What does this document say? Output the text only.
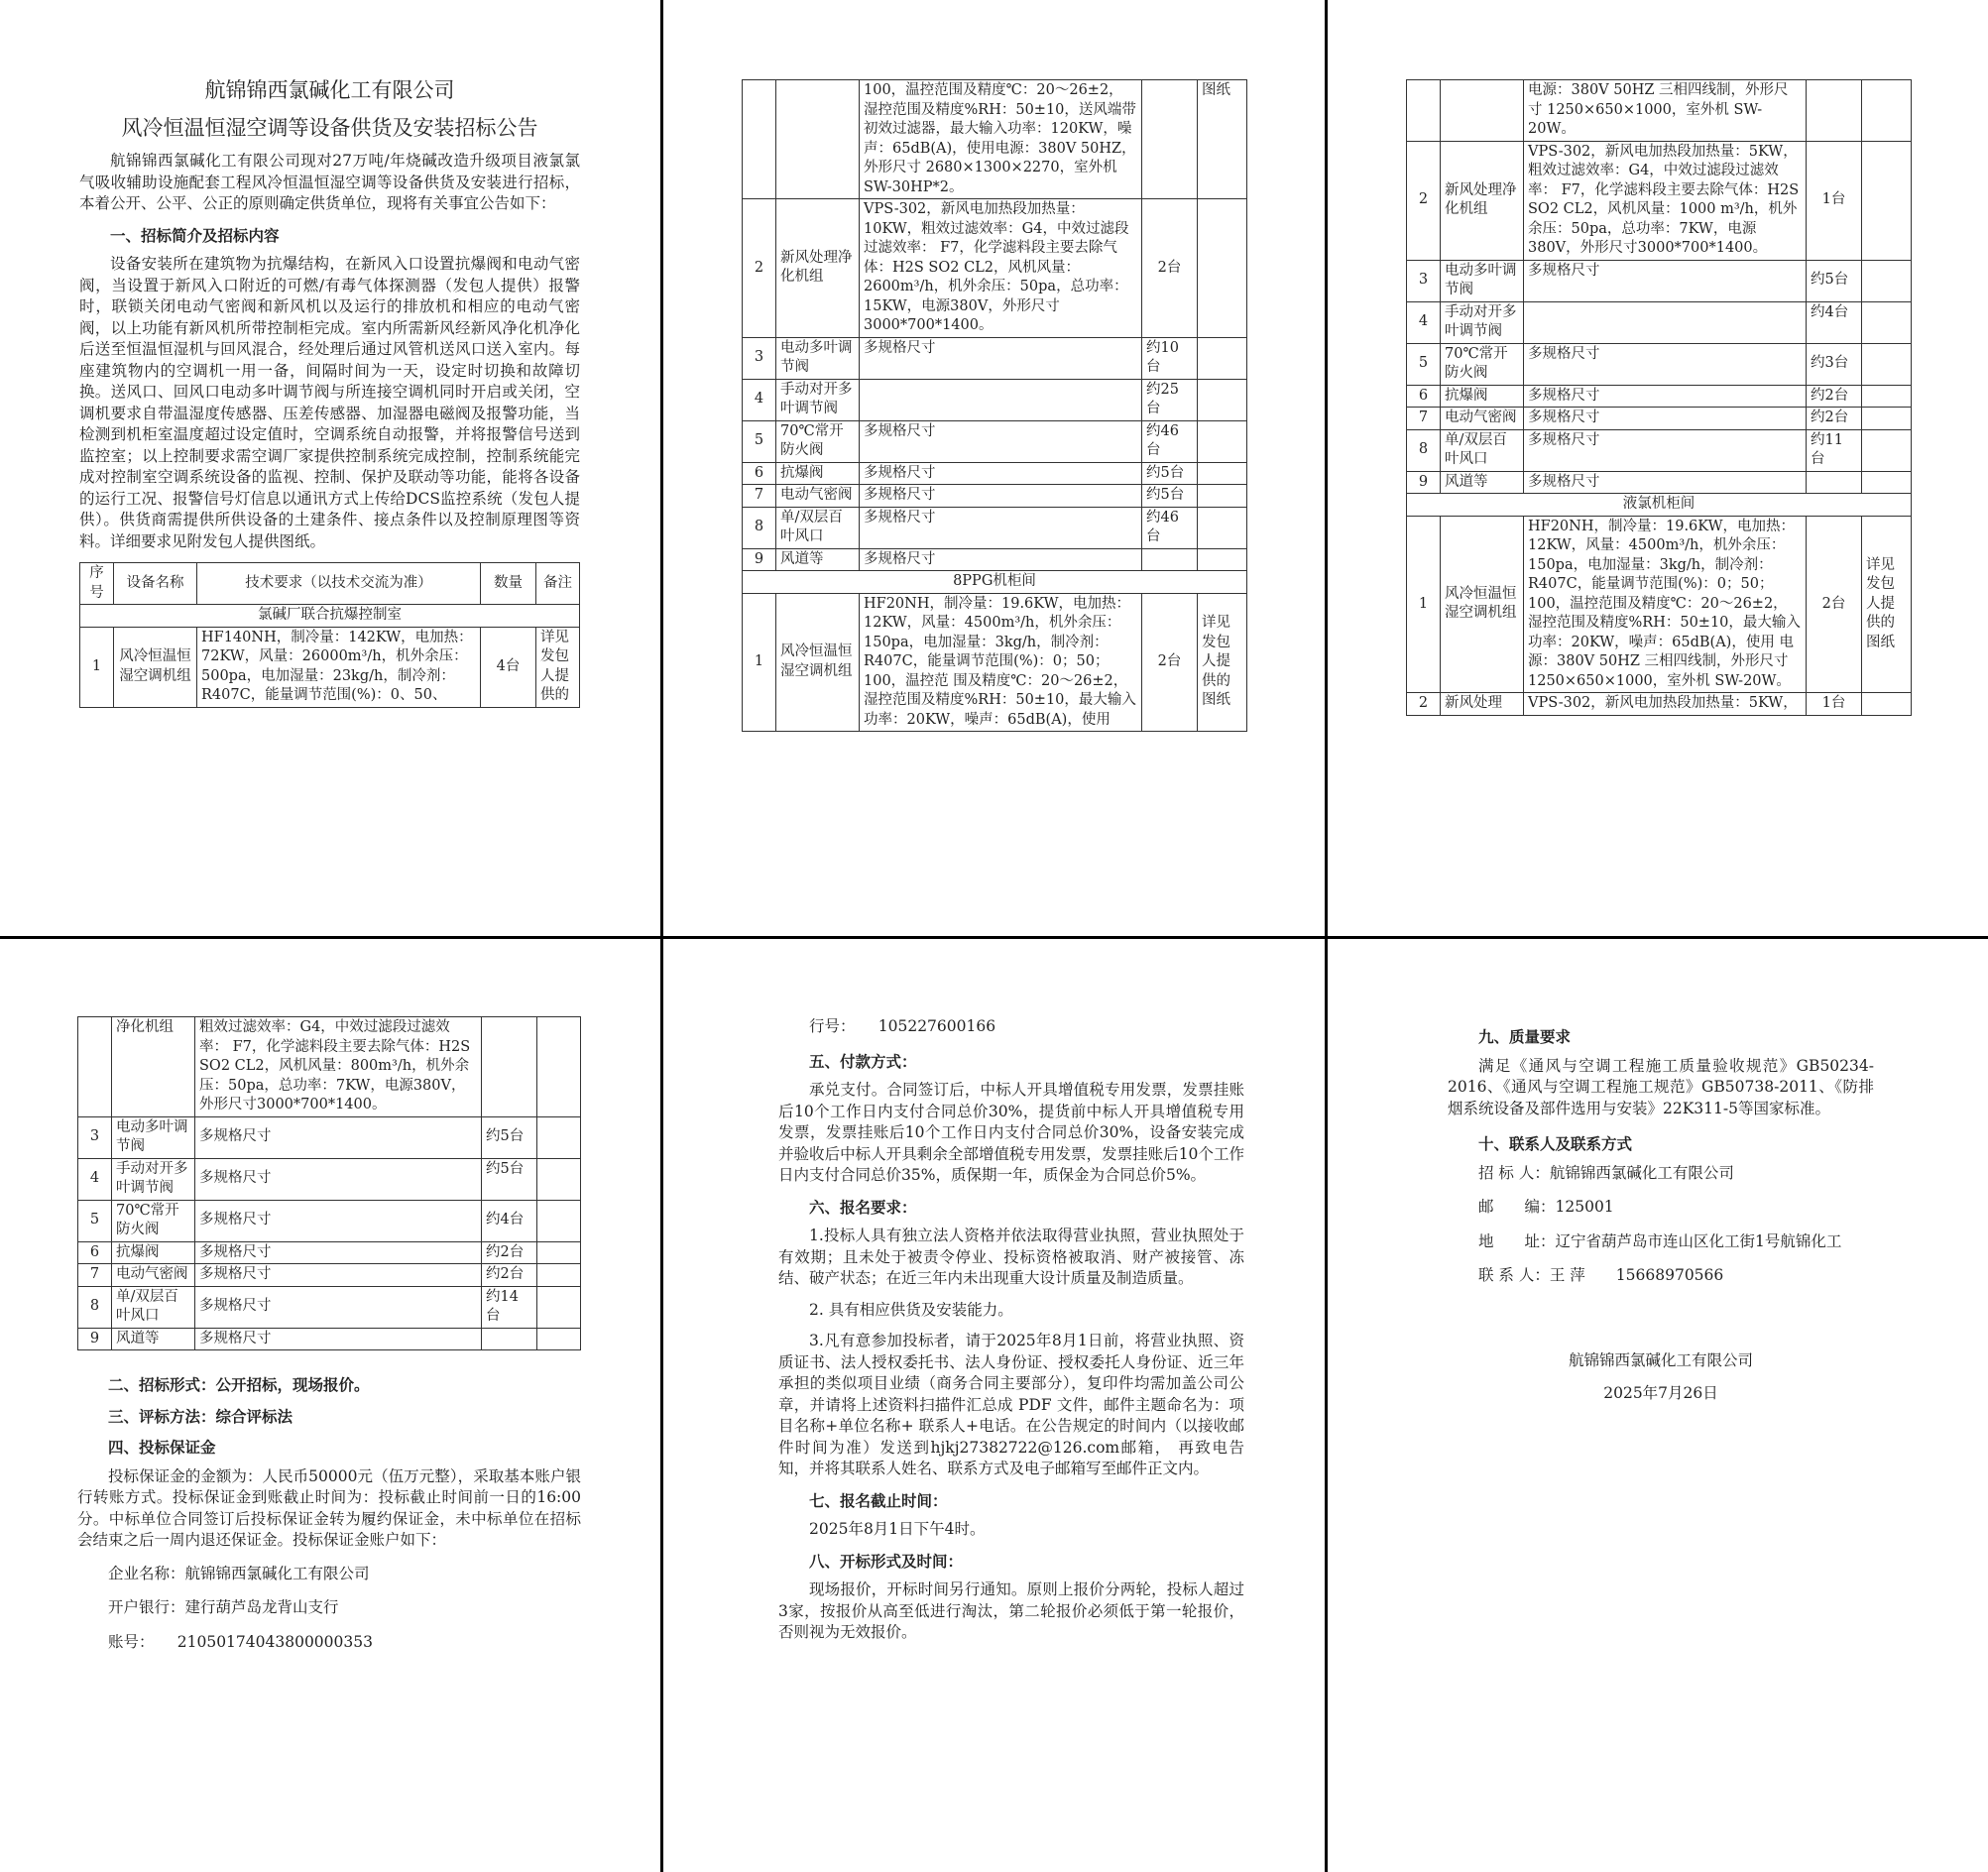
航锦锦西氯碱化工有限公司
风冷恒温恒湿空调等设备供货及安装招标公告

航锦锦西氯碱化工有限公司现对27万吨/年烧碱改造升级项目液氯氯气吸收辅助设施配套工程风冷恒温恒湿空调等设备供货及安装进行招标，本着公开、公平、公正的原则确定供货单位，现将有关事宜公告如下：

一、招标简介及招标内容

设备安装所在建筑物为抗爆结构，在新风入口设置抗爆阀和电动气密阀，当设置于新风入口附近的可燃/有毒气体探测器（发包人提供）报警时，联锁关闭电动气密阀和新风机以及运行的排放机和相应的电动气密阀，以上功能有新风机所带控制柜完成。室内所需新风经新风净化机净化后送至恒温恒湿机与回风混合，经处理后通过风管机送风口送入室内。每座建筑物内的空调机一用一备，间隔时间为一天，设定时切换和故障切换。送风口、回风口电动多叶调节阀与所连接空调机同时开启或关闭，空调机要求自带温湿度传感器、压差传感器、加湿器电磁阀及报警功能，当检测到机柜室温度超过设定值时，空调系统自动报警，并将报警信号送到监控室；以上控制要求需空调厂家提供控制系统完成控制，控制系统能完成对控制室空调系统设备的监视、控制、保护及联动等功能，能将各设备的运行工况、报警信号灯信息以通讯方式上传给DCS监控系统（发包人提供）。供货商需提供所供设备的土建条件、接点条件以及控制原理图等资料。详细要求见附发包人提供图纸。

序号	设备名称	技术要求（以技术交流为准）	数量	备注
氯碱厂联合抗爆控制室				
1	风冷恒温恒湿空调机组	HF140NH，制冷量：142KW，电加热：72KW，风量：26000m³/h，机外余压：500pa，电加湿量：23kg/h，制冷剂：R407C，能量调节范围(%)：0、50、	4台	详见发包人提供的
		100，温控范围及精度℃：20～26±2，湿控范围及精度%RH：50±10，送风端带初效过滤器，最大输入功率：120KW，噪声：65dB(A)，使用电源：380V 50HZ，外形尺寸 2680×1300×2270，室外机 SW-30HP*2。		图纸
2	新风处理净化机组	VPS-302，新风电加热段加热量：10KW，粗效过滤效率：G4，中效过滤段过滤效率： F7，化学滤料段主要去除气体：H2S SO2 CL2，风机风量：2600m³/h，机外余压：50pa，总功率：15KW，电源380V，外形尺寸3000*700*1400。	2台	
3	电动多叶调节阀	多规格尺寸	约10台	
4	手动对开多叶调节阀		约25台	
5	70℃常开防火阀	多规格尺寸	约46台	
6	抗爆阀	多规格尺寸	约5台	
7	电动气密阀	多规格尺寸	约5台	
8	单/双层百叶风口	多规格尺寸	约46台	
9	风道等	多规格尺寸		
8PPG机柜间				
1	风冷恒温恒湿空调机组	HF20NH，制冷量：19.6KW，电加热：12KW，风量：4500m³/h，机外余压：150pa，电加湿量：3kg/h，制冷剂：R407C，能量调节范围(%)：0；50；100，温控范 围及精度℃：20～26±2，湿控范围及精度%RH：50±10，最大输入功率：20KW，噪声：65dB(A)，使用	2台	详见发包人提供的图纸
		电源：380V 50HZ 三相四线制，外形尺寸 1250×650×1000，室外机 SW-20W。		
2	新风处理净化机组	VPS-302，新风电加热段加热量：5KW，粗效过滤效率：G4，中效过滤段过滤效率： F7，化学滤料段主要去除气体：H2S SO2 CL2，风机风量：1000 m³/h，机外余压：50pa，总功率：7KW，电源380V，外形尺寸3000*700*1400。	1台	
3	电动多叶调节阀	多规格尺寸	约5台	
4	手动对开多叶调节阀		约4台	
5	70℃常开防火阀	多规格尺寸	约3台	
6	抗爆阀	多规格尺寸	约2台	
7	电动气密阀	多规格尺寸	约2台	
8	单/双层百叶风口	多规格尺寸	约11台	
9	风道等	多规格尺寸		
液氯机柜间				
1	风冷恒温恒湿空调机组	HF20NH，制冷量：19.6KW，电加热：12KW，风量：4500m³/h，机外余压：150pa，电加湿量：3kg/h，制冷剂：R407C，能量调节范围(%)：0；50；100，温控范围及精度℃：20～26±2，湿控范围及精度%RH：50±10，最大输入功率：20KW，噪声：65dB(A)，使用 电源：380V 50HZ 三相四线制，外形尺寸 1250×650×1000，室外机 SW-20W。	2台	详见发包人提供的图纸
2	新风处理	VPS-302，新风电加热段加热量：5KW，	1台	
	净化机组	粗效过滤效率：G4，中效过滤段过滤效率： F7，化学滤料段主要去除气体：H2S SO2 CL2，风机风量：800m³/h，机外余压：50pa，总功率：7KW，电源380V，外形尺寸3000*700*1400。		
3	电动多叶调节阀	多规格尺寸	约5台	
4	手动对开多叶调节阀	多规格尺寸	约5台	
5	70℃常开防火阀	多规格尺寸	约4台	
6	抗爆阀	多规格尺寸	约2台	
7	电动气密阀	多规格尺寸	约2台	
8	单/双层百叶风口	多规格尺寸	约14台	
9	风道等	多规格尺寸		
二、招标形式：公开招标，现场报价。
三、评标方法：综合评标法
四、投标保证金

投标保证金的金额为：人民币50000元（伍万元整），采取基本账户银行转账方式。投标保证金到账截止时间为：投标截止时间前一日的16:00分。中标单位合同签订后投标保证金转为履约保证金，未中标单位在招标会结束之后一周内退还保证金。投标保证金账户如下：

企业名称：航锦锦西氯碱化工有限公司

开户银行：建行葫芦岛龙背山支行

账号：　　21050174043800000353

行号：　　105227600166

五、付款方式：

承兑支付。合同签订后，中标人开具增值税专用发票，发票挂账后10个工作日内支付合同总价30%，提货前中标人开具增值税专用发票，发票挂账后10个工作日内支付合同总价30%，设备安装完成并验收后中标人开具剩余全部增值税专用发票，发票挂账后10个工作日内支付合同总价35%，质保期一年，质保金为合同总价5%。

六、报名要求：

1.投标人具有独立法人资格并依法取得营业执照，营业执照处于有效期；且未处于被责令停业、投标资格被取消、财产被接管、冻结、破产状态；在近三年内未出现重大设计质量及制造质量。

2. 具有相应供货及安装能力。

3.凡有意参加投标者，请于2025年8月1日前，将营业执照、资质证书、法人授权委托书、法人身份证、授权委托人身份证、近三年承担的类似项目业绩（商务合同主要部分），复印件均需加盖公司公章，并请将上述资料扫描件汇总成 PDF 文件，邮件主题命名为：项目名称+单位名称+ 联系人+电话。在公告规定的时间内（以接收邮件时间为准）发送到hjkj27382722@126.com邮箱， 再致电告知，并将其联系人姓名、联系方式及电子邮箱写至邮件正文内。

七、报名截止时间：

2025年8月1日下午4时。

八、开标形式及时间：

现场报价，开标时间另行通知。原则上报价分两轮，投标人超过3家，按报价从高至低进行淘汰，第二轮报价必须低于第一轮报价，否则视为无效报价。

九、质量要求

满足《通风与空调工程施工质量验收规范》GB50234-2016、《通风与空调工程施工规范》GB50738-2011、《防排烟系统设备及部件选用与安装》22K311-5等国家标准。

十、联系人及联系方式

招 标 人：航锦锦西氯碱化工有限公司

邮　　编：125001

地　　址：辽宁省葫芦岛市连山区化工街1号航锦化工

联 系 人：王 萍　　15668970566

航锦锦西氯碱化工有限公司

2025年7月26日
